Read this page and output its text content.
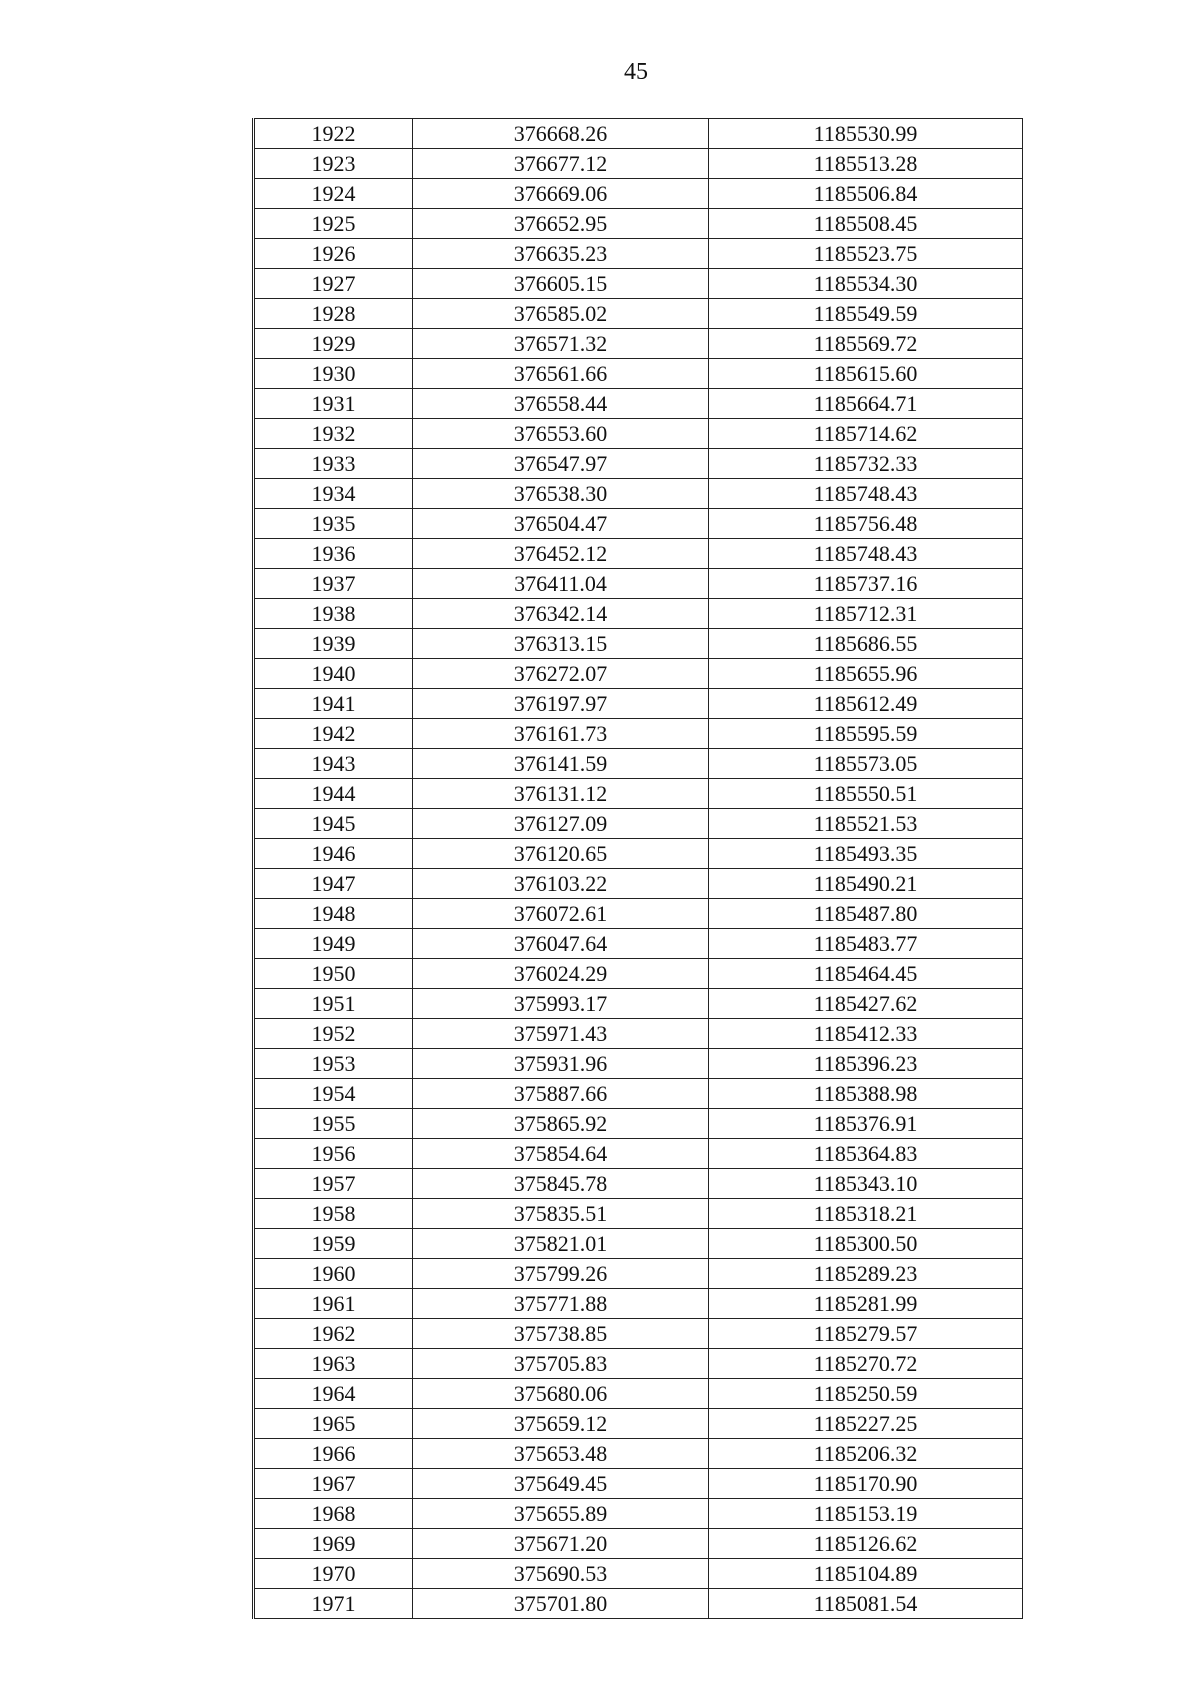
45
1922	376668.26	1185530.99
1923	376677.12	1185513.28
1924	376669.06	1185506.84
1925	376652.95	1185508.45
1926	376635.23	1185523.75
1927	376605.15	1185534.30
1928	376585.02	1185549.59
1929	376571.32	1185569.72
1930	376561.66	1185615.60
1931	376558.44	1185664.71
1932	376553.60	1185714.62
1933	376547.97	1185732.33
1934	376538.30	1185748.43
1935	376504.47	1185756.48
1936	376452.12	1185748.43
1937	376411.04	1185737.16
1938	376342.14	1185712.31
1939	376313.15	1185686.55
1940	376272.07	1185655.96
1941	376197.97	1185612.49
1942	376161.73	1185595.59
1943	376141.59	1185573.05
1944	376131.12	1185550.51
1945	376127.09	1185521.53
1946	376120.65	1185493.35
1947	376103.22	1185490.21
1948	376072.61	1185487.80
1949	376047.64	1185483.77
1950	376024.29	1185464.45
1951	375993.17	1185427.62
1952	375971.43	1185412.33
1953	375931.96	1185396.23
1954	375887.66	1185388.98
1955	375865.92	1185376.91
1956	375854.64	1185364.83
1957	375845.78	1185343.10
1958	375835.51	1185318.21
1959	375821.01	1185300.50
1960	375799.26	1185289.23
1961	375771.88	1185281.99
1962	375738.85	1185279.57
1963	375705.83	1185270.72
1964	375680.06	1185250.59
1965	375659.12	1185227.25
1966	375653.48	1185206.32
1967	375649.45	1185170.90
1968	375655.89	1185153.19
1969	375671.20	1185126.62
1970	375690.53	1185104.89
1971	375701.80	1185081.54
